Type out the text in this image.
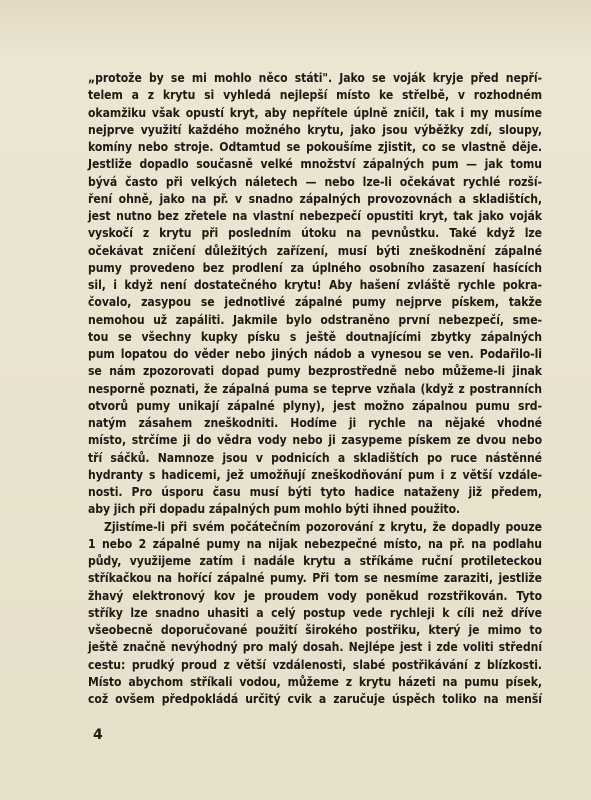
„protože by se mi mohlo něco státi". Jako se voják kryje před nepří-
telem a z krytu si vyhledá nejlepší místo ke střelbě, v rozhodném
okamžiku však opustí kryt, aby nepřítele úplně zničil, tak i my musíme
nejprve využití každého možného krytu, jako jsou výběžky zdí, sloupy,
komíny nebo stroje. Odtamtud se pokoušíme zjistit, co se vlastně děje.
Jestliže dopadlo současně velké množství zápalných pum — jak tomu
bývá často při velkých náletech — nebo lze-li očekávat rychlé rozší-
ření ohně, jako na př. v snadno zápalných provozovnách a skladištích,
jest nutno bez zřetele na vlastní nebezpečí opustiti kryt, tak jako voják
vyskočí z krytu při posledním útoku na pevnůstku. Také když lze
očekávat zničení důležitých zařízení, musí býti zneškodnění zápalné
pumy provedeno bez prodlení za úplného osobního zasazení hasících
sil, i když není dostatečného krytu! Aby hašení zvláště rychle pokra-
čovalo, zasypou se jednotlivé zápalné pumy nejprve pískem, takže
nemohou už zapáliti. Jakmile bylo odstraněno první nebezpečí, sme-
tou se všechny kupky písku s ještě doutnajícími zbytky zápalných
pum lopatou do věder nebo jiných nádob a vynesou se ven. Podařilo-li
se nám zpozorovati dopad pumy bezprostředně nebo můžeme-li jinak
nesporně poznati, že zápalná puma se teprve vzňala (když z postranních
otvorů pumy unikají zápalné plyny), jest možno zápalnou pumu srd-
natým zásahem zneškodniti. Hodíme ji rychle na nějaké vhodné
místo, strčíme ji do vědra vody nebo ji zasypeme pískem ze dvou nebo
tří sáčků. Namnoze jsou v podnicích a skladištích po ruce nástěnné
hydranty s hadicemi, jež umožňují zneškodňování pum i z větší vzdále-
nosti. Pro úsporu času musí býti tyto hadice nataženy již předem,
aby jich při dopadu zápalných pum mohlo býti ihned použito.
Zjistíme-li při svém počátečním pozorování z krytu, že dopadly pouze
1 nebo 2 zápalné pumy na nijak nebezpečné místo, na př. na podlahu
půdy, využijeme zatím i nadále krytu a stříkáme ruční protileteckou
stříkačkou na hořící zápalné pumy. Při tom se nesmíme zaraziti, jestliže
žhavý elektronový kov je proudem vody poněkud rozstřikován. Tyto
stříky lze snadno uhasiti a celý postup vede rychleji k cíli než dříve
všeobecně doporučované použití širokého postřiku, který je mimo to
ještě značně nevýhodný pro malý dosah. Nejlépe jest i zde voliti střední
cestu: prudký proud z větší vzdálenosti, slabé postřikávání z blízkosti.
Místo abychom stříkali vodou, můžeme z krytu házeti na pumu písek,
což ovšem předpokládá určitý cvik a zaručuje úspěch toliko na menší
4
